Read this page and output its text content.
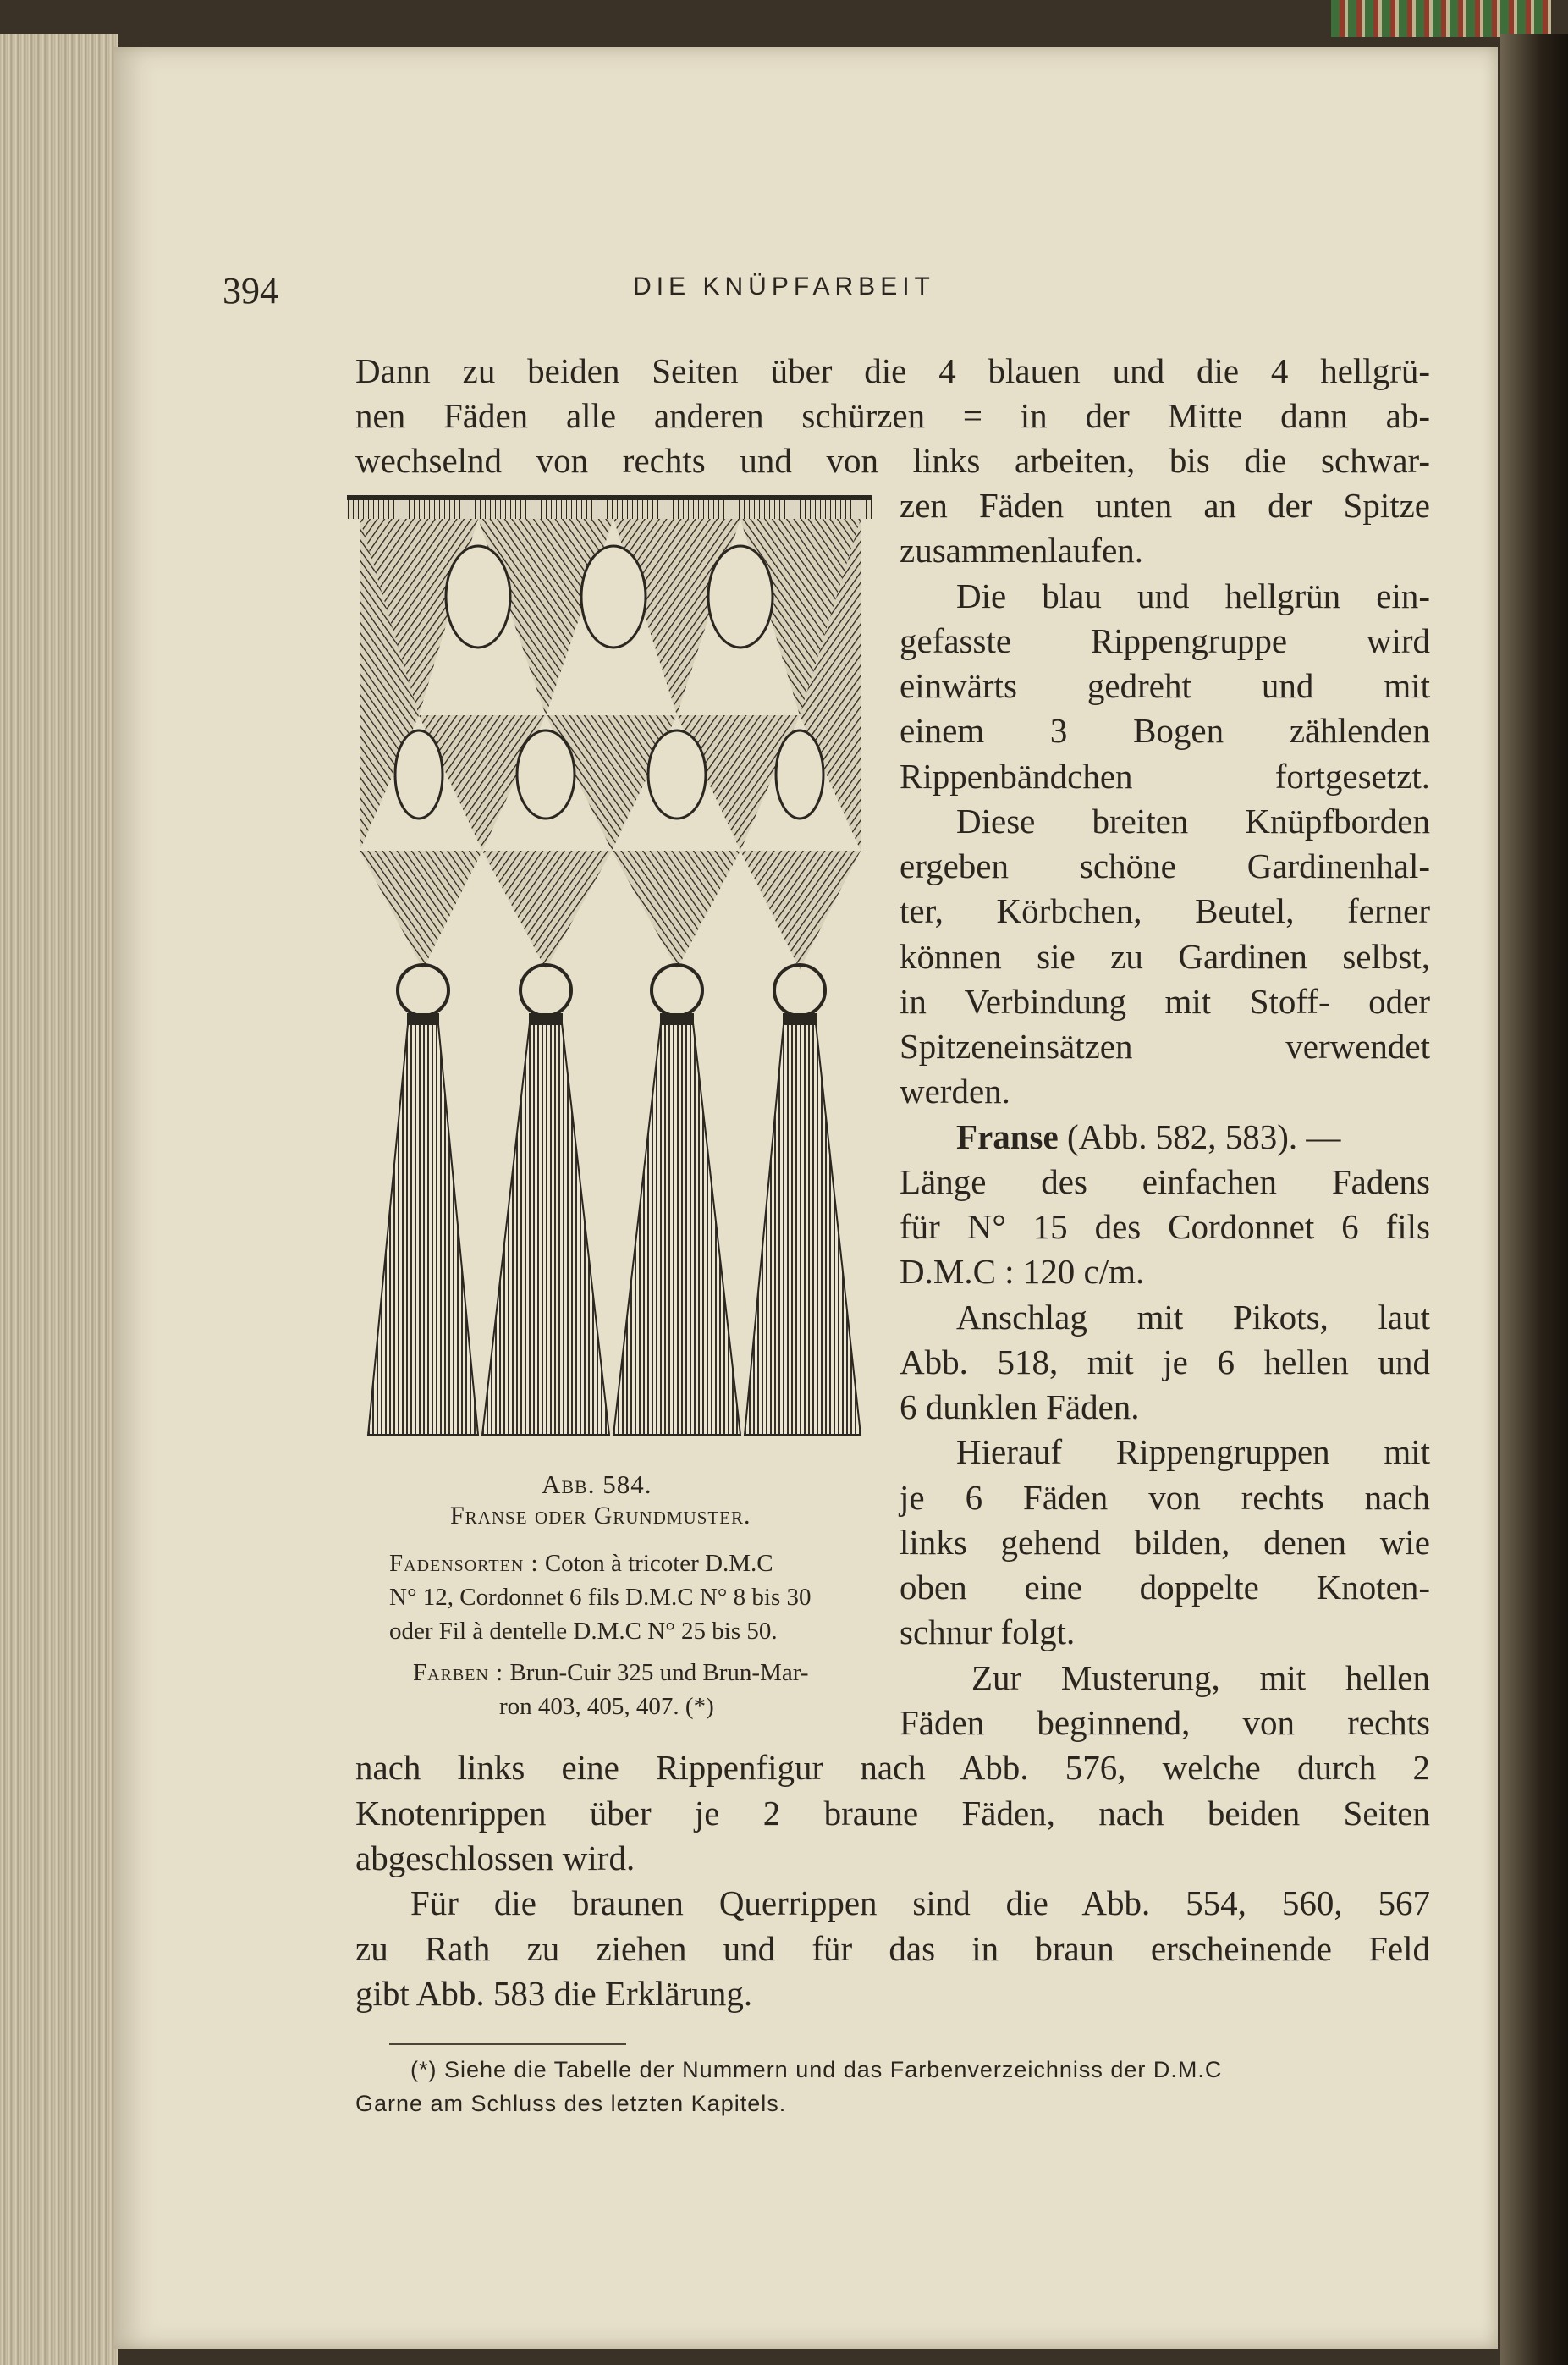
394	DIE KNÜPFARBEIT
Dann zu beiden Seiten über die 4 blauen und die 4 hellgrü-
nen Fäden alle anderen schürzen = in der Mitte dann ab-
wechselnd von rechts und von links arbeiten, bis die schwar-
zen Fäden unten an der Spitze
zusammenlaufen.
Die blau und hellgrün ein-
gefasste Rippengruppe wird
einwärts gedreht und mit
einem 3 Bogen zählenden
Rippenbändchen fortgesetzt.
Diese breiten Knüpfborden
ergeben schöne Gardinenhal-
ter, Körbchen, Beutel, ferner
können sie zu Gardinen selbst,
in Verbindung mit Stoff- oder
Spitzeneinsätzen verwendet
werden.
Franse (Abb. 582, 583). —
Länge des einfachen Fadens
für N° 15 des Cordonnet 6 fils
D.M.C : 120 c/m.
Anschlag mit Pikots, laut
Abb. 518, mit je 6 hellen und
6 dunklen Fäden.
Hierauf Rippengruppen mit
je 6 Fäden von rechts nach
links gehend bilden, denen wie
oben eine doppelte Knoten-
schnur folgt.
Zur Musterung, mit hellen
Fäden beginnend, von rechts
nach links eine Rippenfigur nach Abb. 576, welche durch 2
Knotenrippen über je 2 braune Fäden, nach beiden Seiten
abgeschlossen wird.
Für die braunen Querrippen sind die Abb. 554, 560, 567
zu Rath zu ziehen und für das in braun erscheinende Feld
gibt Abb. 583 die Erklärung.
Abb. 584.
Franse oder Grundmuster.
Fadensorten : Coton à tricoter D.M.C
N° 12, Cordonnet 6 fils D.M.C N° 8 bis 30
oder Fil à dentelle D.M.C N° 25 bis 50.
Farben : Brun-Cuir 325 und Brun-Mar-
ron 403, 405, 407. (*)
(*) Siehe die Tabelle der Nummern und das Farbenverzeichniss der D.M.C
Garne am Schluss des letzten Kapitels.
